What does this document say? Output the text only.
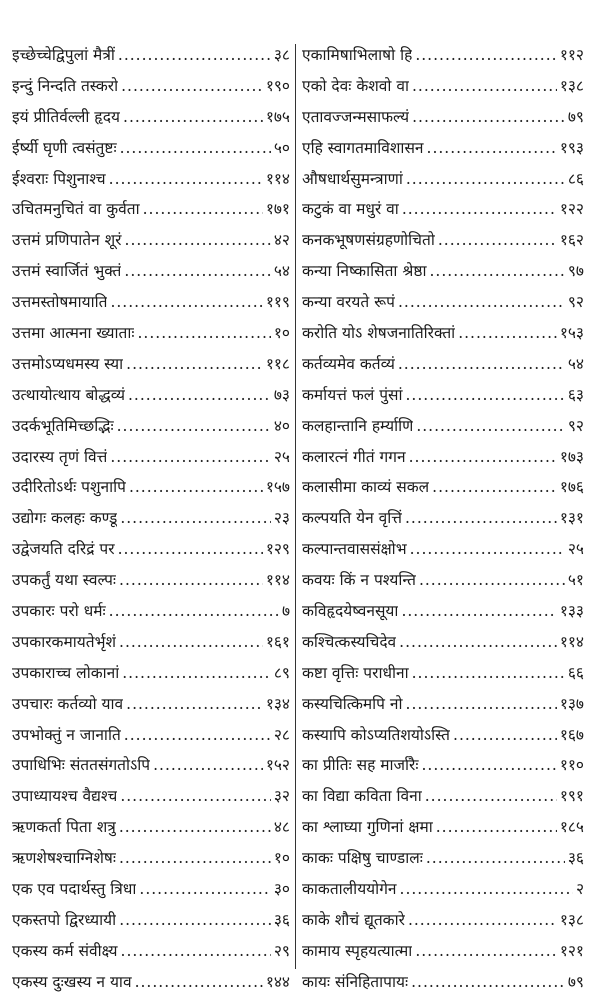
इच्छेच्चेद्विपुलां मैत्रीं .....	३८
इन्दुं निन्दति तस्करो .....	१९०
इयं प्रीतिर्वल्ली हृदय .....	१७५
ईर्ष्यी घृणी त्वसंतुष्टः .....	५०
ईश्वराः पिशुनाश्च .....	११४
उचितमनुचितं वा कुर्वता .....	१७१
उत्तमं प्रणिपातेन शूरं .....	४२
उत्तमं स्वार्जितं भुक्तं .....	५४
उत्तमस्तोषमायाति .....	११९
उत्तमा आत्मना ख्याताः .....	१०
उत्तमोऽप्यधमस्य स्या .....	११८
उत्थायोत्थाय बोद्धव्यं .....	७३
उदर्कभूतिमिच्छद्भिः .....	४०
उदारस्य तृणं वित्तं .....	२५
उदीरितोऽर्थः पशुनापि .....	१५७
उद्योगः कलहः कण्डू .....	२३
उद्वेजयति दरिद्रं पर .....	१२९
उपकर्तुं यथा स्वल्पः .....	११४
उपकारः परो धर्मः .....	७
उपकारकमायतेर्भृशं .....	१६१
उपकाराच्च लोकानां .....	८९
उपचारः कर्तव्यो याव .....	१३४
उपभोक्तुं न जानाति .....	२८
उपाधिभिः संततसंगतोऽपि .....	१५२
उपाध्यायश्च वैद्यश्च .....	३२
ऋणकर्ता पिता शत्रु .....	४८
ऋणशेषश्चाग्निशेषः .....	१०
एक एव पदार्थस्तु त्रिधा .....	३०
एकस्तपो द्विरध्यायी .....	३६
एकस्य कर्म संवीक्ष्य .....	२९
एकस्य दुःखस्य न याव .....	१४४
एकामिषाभिलाषो हि .....	११२
एको देवः केशवो वा .....	१३८
एतावज्जन्मसाफल्यं .....	७९
एहि स्वागतमाविशासन .....	१९३
औषधार्थसुमन्त्राणां .....	८६
कटुकं वा मधुरं वा .....	१२२
कनकभूषणसंग्रहणोचितो .....	१६२
कन्या निष्कासिता श्रेष्ठा .....	९७
कन्या वरयते रूपं .....	९२
करोति योऽ शेषजनातिरिक्तां .....	१५३
कर्तव्यमेव कर्तव्यं .....	५४
कर्मायत्तं फलं पुंसां .....	६३
कलहान्तानि हर्म्याणि .....	९२
कलारत्नं गीतं गगन .....	१७३
कलासीमा काव्यं सकल .....	१७६
कल्पयति येन वृत्तिं .....	१३१
कल्पान्तवाससंक्षोभ .....	२५
कवयः किं न पश्यन्ति .....	५१
कविहृदयेष्वनसूया .....	१३३
कश्चित्कस्यचिदेव .....	११४
कष्टा वृत्तिः पराधीना .....	६६
कस्यचित्किमपि नो .....	१३७
कस्यापि कोऽप्यतिशयोऽस्ति .....	१६७
का प्रीतिः सह मार्जारैः .....	११०
का विद्या कविता विना .....	१९१
का श्लाघ्या गुणिनां क्षमा .....	१८५
काकः पक्षिषु चाण्डालः .....	३६
काकतालीययोगेन .....	२
काके शौचं द्यूतकारे .....	१३८
कामाय स्पृहयत्यात्मा .....	१२१
कायः संनिहितापायः .....	७९
